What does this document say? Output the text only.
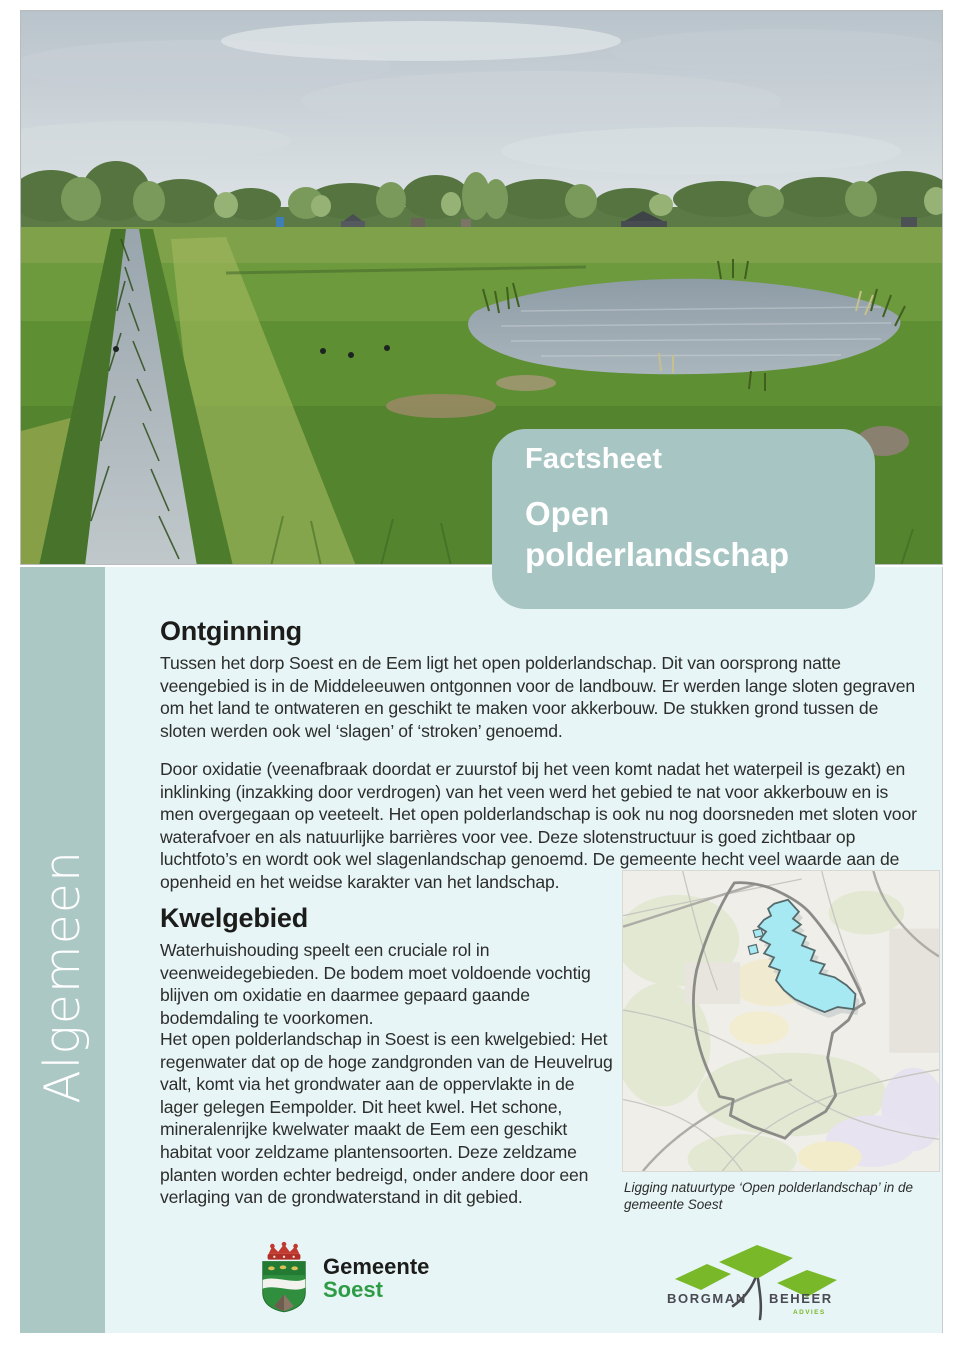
Factsheet
Open polderlandschap
Algemeen
Ontginning

Tussen het dorp Soest en de Eem ligt het open polderlandschap. Dit van oorsprong natte veengebied is in de Middeleeuwen ontgonnen voor de landbouw. Er werden lange sloten gegraven om het land te ontwateren en geschikt te maken voor akkerbouw. De stukken grond tussen de sloten werden ook wel ‘slagen’ of ‘stroken’ genoemd.

Door oxidatie (veenafbraak doordat er zuurstof bij het veen komt nadat het waterpeil is gezakt) en inklinking (inzakking door verdrogen) van het veen werd het gebied te nat voor akkerbouw en is men overgegaan op veeteelt. Het open polderlandschap is ook nu nog doorsneden met sloten voor waterafvoer en als natuurlijke barrières voor vee. Deze slotenstructuur is goed zichtbaar op luchtfoto’s en wordt ook wel slagenlandschap genoemd. De gemeente hecht veel waarde aan de openheid en het weidse karakter van het landschap.

Kwelgebied

Waterhuishouding speelt een cruciale rol in veenweidegebieden. De bodem moet voldoende vochtig blijven om oxidatie en daarmee gepaard gaande bodemdaling te voorkomen.

Het open polderlandschap in Soest is een kwelgebied: Het regenwater dat op de hoge zandgronden van de Heuvelrug valt, komt via het grondwater aan de oppervlakte in de lager gelegen Eempolder. Dit heet kwel. Het schone, mineralenrijke kwelwater maakt de Eem een geschikt habitat voor zeldzame plantensoorten. Deze zeldzame planten worden echter bedreigd, onder andere door een verlaging van de grondwaterstand in dit gebied.	Ligging natuurtype ‘Open polderlandschap’ in de gemeente Soest
Gemeente
Soest	BORGMAN BEHEER
ADVIES
